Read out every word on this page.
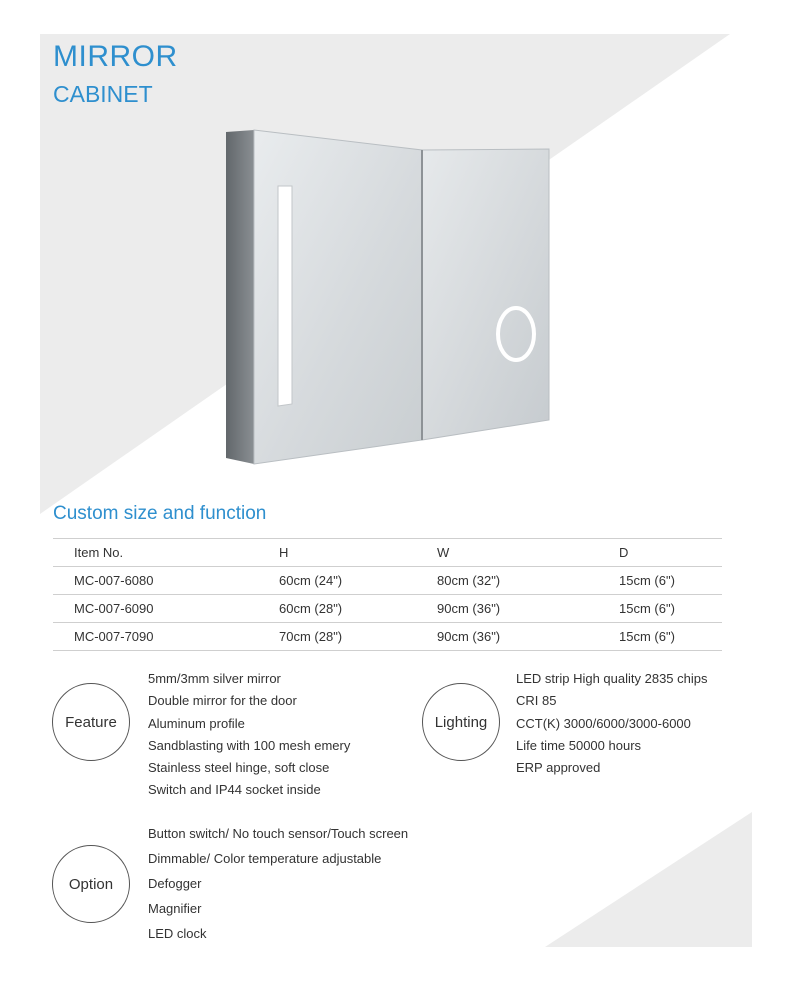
MIRROR
CABINET
Custom size and function
Item No.	H	W	D
MC-007-6080	60cm (24")	80cm (32")	15cm (6")
MC-007-6090	60cm (28")	90cm (36")	15cm (6")
MC-007-7090	70cm (28")	90cm (36")	15cm (6")
Feature
5mm/3mm silver mirror
Double mirror for the door
Aluminum profile
Sandblasting with 100 mesh emery
Stainless steel hinge, soft close
Switch and IP44 socket inside
Lighting
LED strip High quality 2835 chips
CRI 85
CCT(K) 3000/6000/3000-6000
Life time 50000 hours
ERP approved
Option
Button switch/ No touch sensor/Touch screen
Dimmable/ Color temperature adjustable
Defogger
Magnifier
LED clock
